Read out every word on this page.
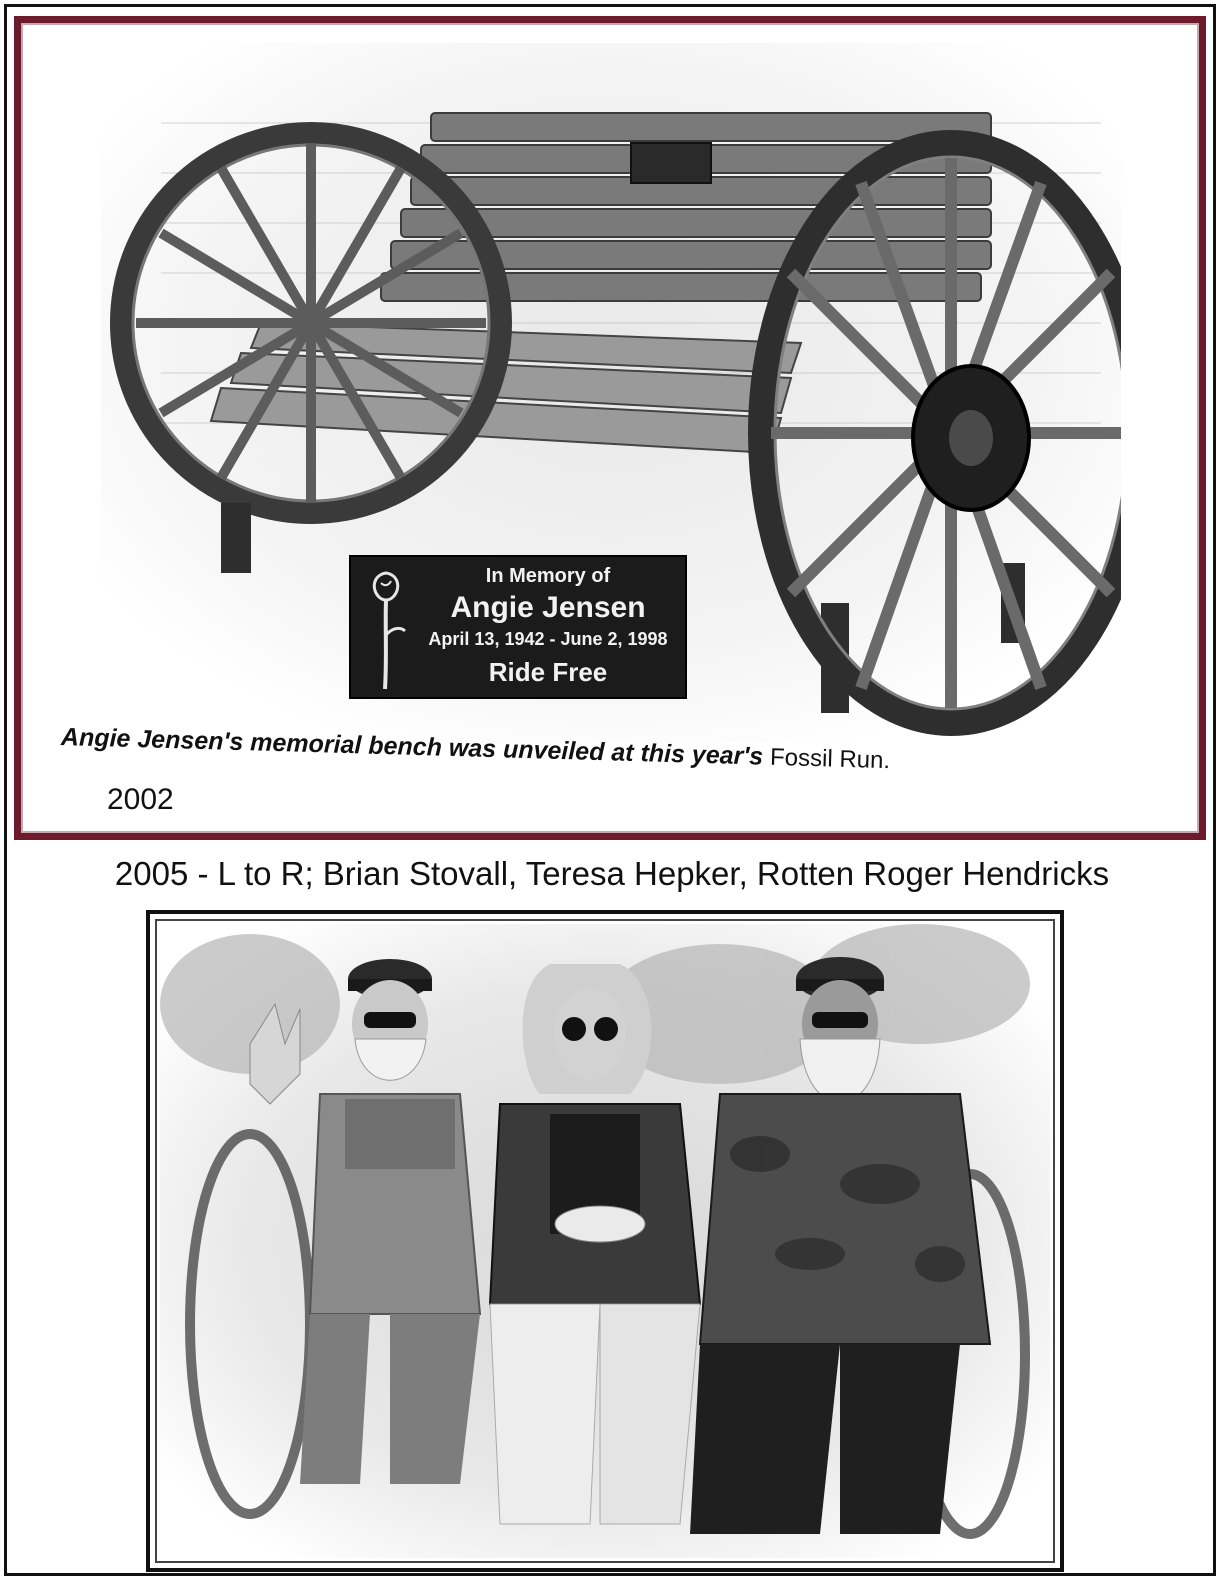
In Memory of
Angie Jensen
April 13, 1942 - June 2, 1998
Ride Free
Angie Jensen's memorial bench was unveiled at this year's Fossil Run.
2002
2005 - L to R; Brian Stovall, Teresa Hepker, Rotten Roger Hendricks
